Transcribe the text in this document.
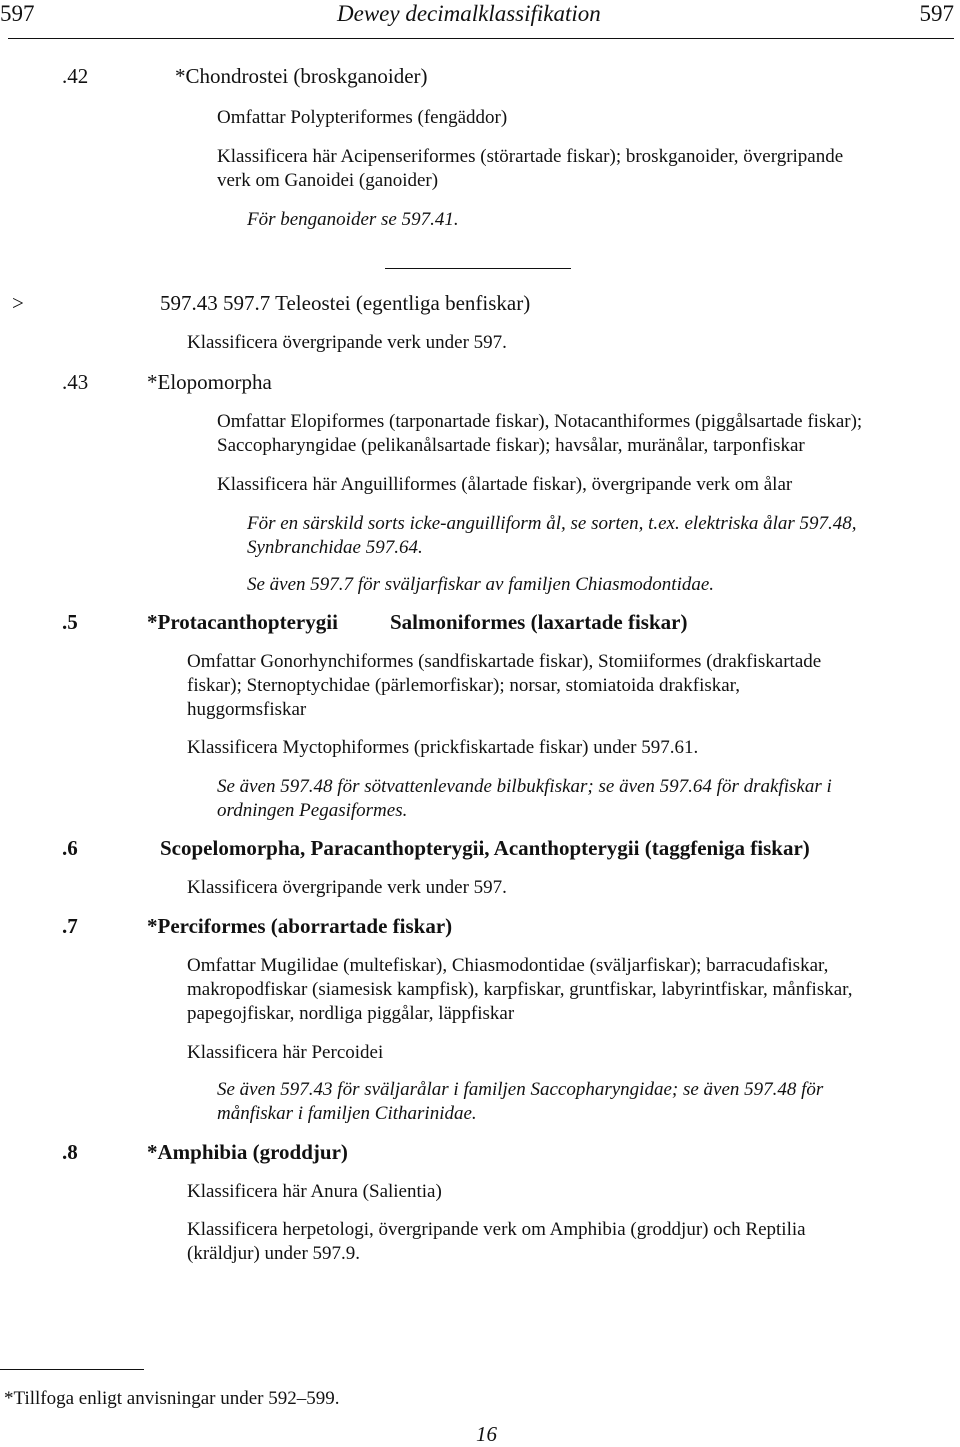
597	Dewey decimalklassifikation	597
.42	*Chondrostei (broskganoider)
Omfattar Polypteriformes (fengäddor)
Klassificera här Acipenseriformes (störartade fiskar); broskganoider, övergripande
verk om Ganoidei (ganoider)
För benganoider se 597.41.
>	597.43 597.7 Teleostei (egentliga benfiskar)
Klassificera övergripande verk under 597.
.43	*Elopomorpha
Omfattar Elopiformes (tarponartade fiskar), Notacanthiformes (piggålsartade fiskar);
Saccopharyngidae (pelikanålsartade fiskar); havsålar, muränålar, tarponfiskar
Klassificera här Anguilliformes (ålartade fiskar), övergripande verk om ålar
För en särskild sorts icke-anguilliform ål, se sorten, t.ex. elektriska ålar 597.48,
Synbranchidae 597.64.
Se även 597.7 för sväljarfiskar av familjen Chiasmodontidae.
.5	*Protacanthopterygii Salmoniformes (laxartade fiskar)
Omfattar Gonorhynchiformes (sandfiskartade fiskar), Stomiiformes (drakfiskartade
fiskar); Sternoptychidae (pärlemorfiskar); norsar, stomiatoida drakfiskar,
huggormsfiskar
Klassificera Myctophiformes (prickfiskartade fiskar) under 597.61.
Se även 597.48 för sötvattenlevande bilbukfiskar; se även 597.64 för drakfiskar i
ordningen Pegasiformes.
.6	Scopelomorpha, Paracanthopterygii, Acanthopterygii (taggfeniga fiskar)
Klassificera övergripande verk under 597.
.7	*Perciformes (aborrartade fiskar)
Omfattar Mugilidae (multefiskar), Chiasmodontidae (sväljarfiskar); barracudafiskar,
makropodfiskar (siamesisk kampfisk), karpfiskar, gruntfiskar, labyrintfiskar, månfiskar,
papegojfiskar, nordliga piggålar, läppfiskar
Klassificera här Percoidei
Se även 597.43 för sväljarålar i familjen Saccopharyngidae; se även 597.48 för
månfiskar i familjen Citharinidae.
.8	*Amphibia (groddjur)
Klassificera här Anura (Salientia)
Klassificera herpetologi, övergripande verk om Amphibia (groddjur) och Reptilia
(kräldjur) under 597.9.
*Tillfoga enligt anvisningar under 592–599.
16
